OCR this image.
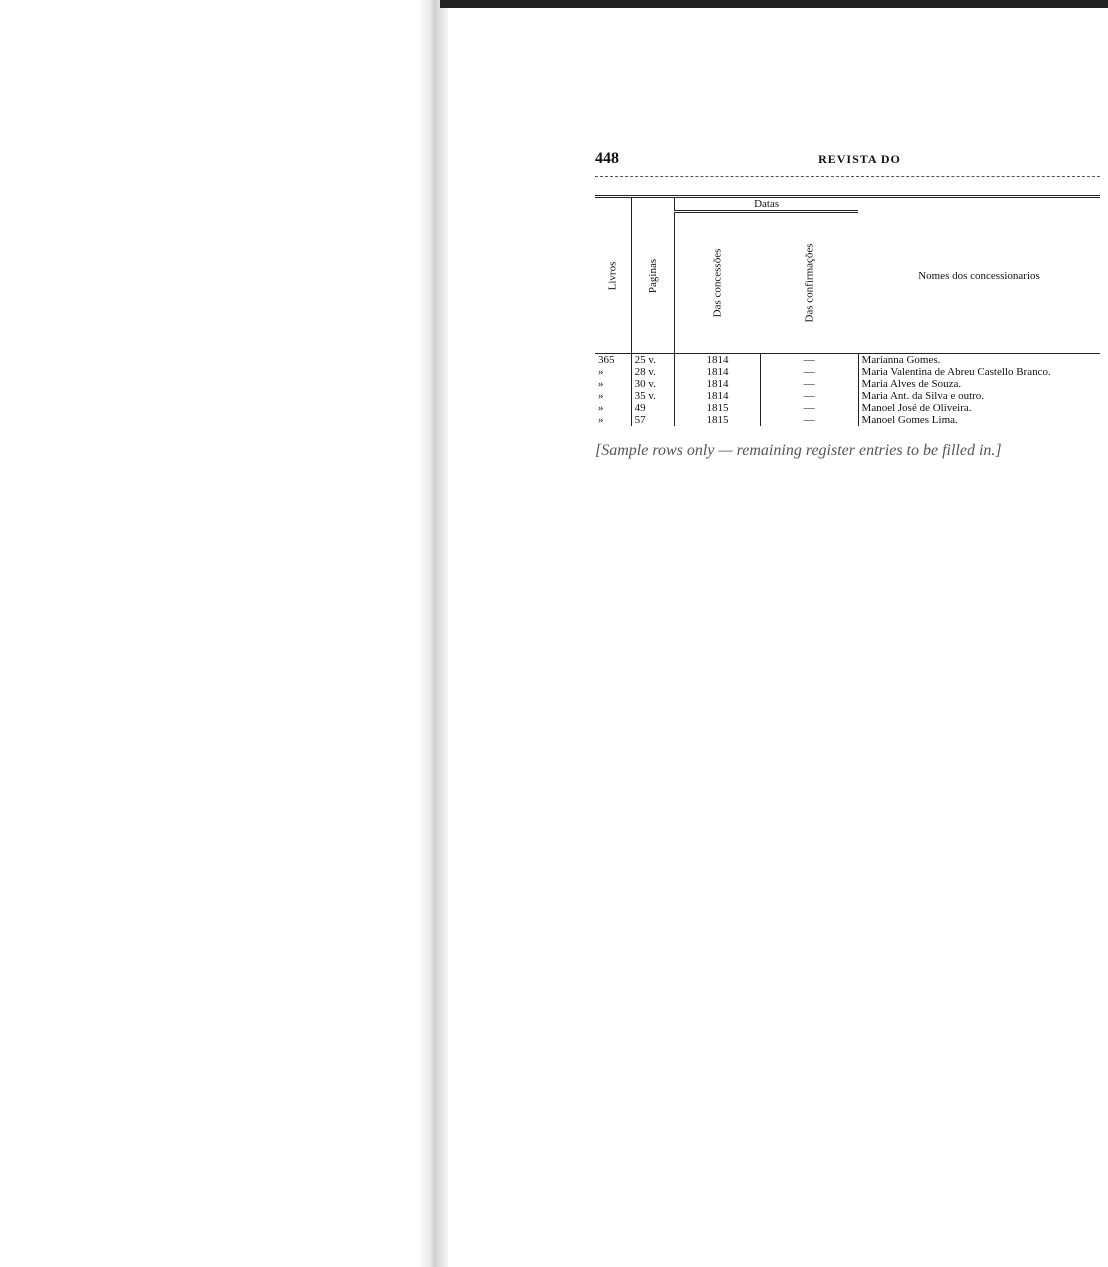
448	REVISTA DO
Livros	Paginas	Datas		Nomes dos concessionarios
		Das concessões	Das confirmações	
365	25 v.	1814	—	Marianna Gomes.
»	28 v.	1814	—	Maria Valentina de Abreu Castello Branco.
»	30 v.	1814	—	Maria Alves de Souza.
»	35 v.	1814	—	Maria Ant. da Silva e outro.
»	49	1815	—	Manoel José de Oliveira.
»	57	1815	—	Manoel Gomes Lima.

[Sample rows only — remaining register entries to be filled in.]
